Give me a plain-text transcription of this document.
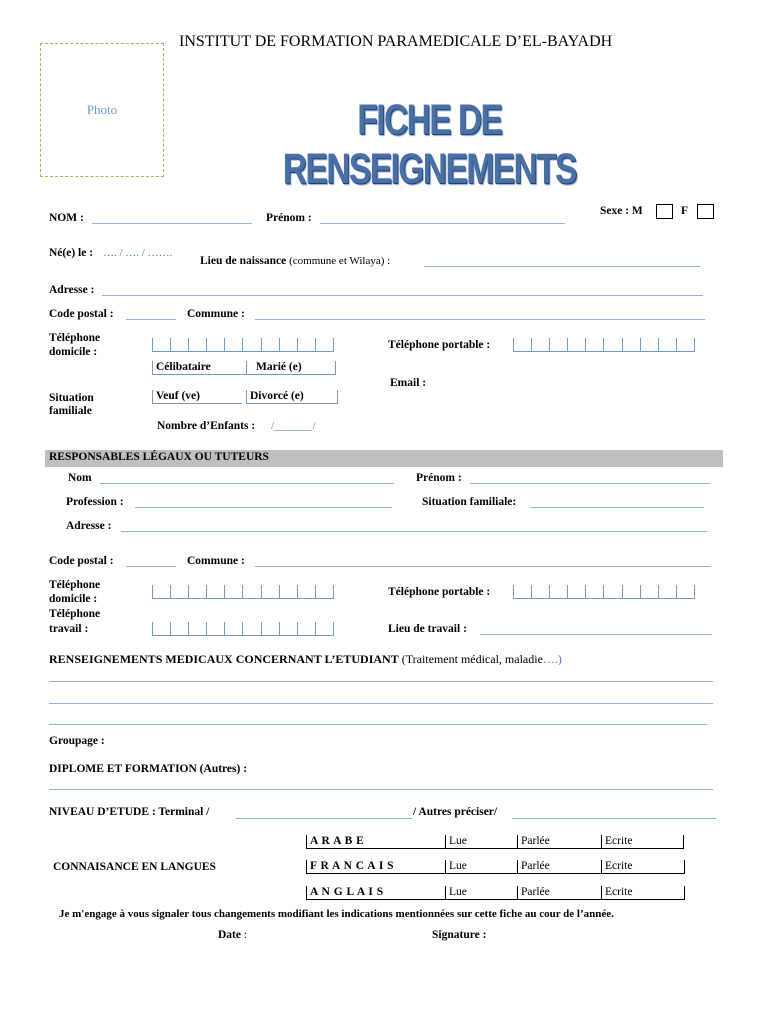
Photo
INSTITUT DE FORMATION PARAMEDICALE D’EL-BAYADH
FICHE DE RENSEIGNEMENTS
NOM :	Prénom :
Sexe : M	F
Né(e) le : …. / …. / …….
Lieu de naissance (commune et Wilaya) :
Adresse :
Code postal :	Commune :
Téléphone
domicile :
Téléphone portable :
Célibataire	Marié (e)
Email :
Situation
familiale
Veuf (ve)	Divorcé (e)
Nombre d’Enfants : /_______/
RESPONSABLES LÉGAUX OU TUTEURS
Nom	Prénom :
Profession :	Situation familiale:
Adresse :
Code postal :	Commune :
Téléphone
domicile :
Téléphone portable :
Téléphone
travail :	Lieu de travail :
RENSEIGNEMENTS MEDICAUX CONCERNANT L’ETUDIANT (Traitement médical, maladie….)
Groupage :
DIPLOME ET FORMATION (Autres) :
NIVEAU D’ETUDE : Terminal /	/ Autres préciser/
CONNAISANCE EN LANGUES
A R A B E	Lue	Parlée	Ecrite
F R A N C A I S	Lue	Parlée	Ecrite
A N G L A I S	Lue	Parlée	Ecrite
Je m'engage à vous signaler tous changements modifiant les indications mentionnées sur cette fiche au cour de l’année.
Date :	Signature :
